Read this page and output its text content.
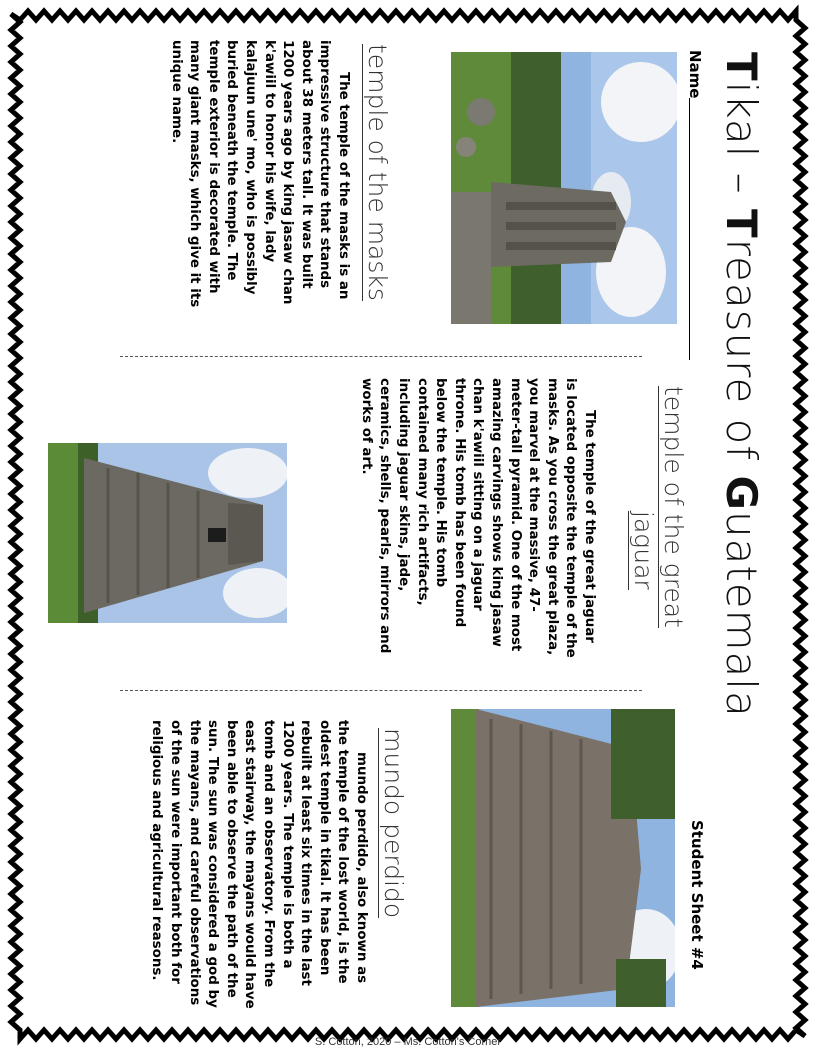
Tikal – Treasure of Guatemala
Name
temple of the masks
The temple of the masks is an impressive structure that stands about 38 meters tall. It was built 1200 years ago by king jasaw chan k'awiil to honor his wife, lady kalajuun une' mo, who is possibly buried beneath the temple. The temple exterior is decorated with many giant masks, which give it its unique name.
temple of the great
jaguar
The temple of the great jaguar is located opposite the temple of the masks. As you cross the great plaza, you marvel at the massive, 47-meter-tall pyramid. One of the most amazing carvings shows king jasaw chan k'awiil sitting on a jaguar throne. His tomb has been found below the temple. His tomb contained many rich artifacts, including jaguar skins, jade, ceramics, shells, pearls, mirrors and works of art.
Student Sheet #4
mundo perdido
mundo perdido, also known as the temple of the lost world, is the oldest temple in tikal. It has been rebuilt at least six times in the last 1200 years. The temple is both a tomb and an observatory. From the east stairway, the mayans would have been able to observe the path of the sun. The sun was considered a god by the mayans, and careful observations of the sun were important both for religious and agricultural reasons.
S. Cotton, 2020 – Ms. Cotton's Corner
